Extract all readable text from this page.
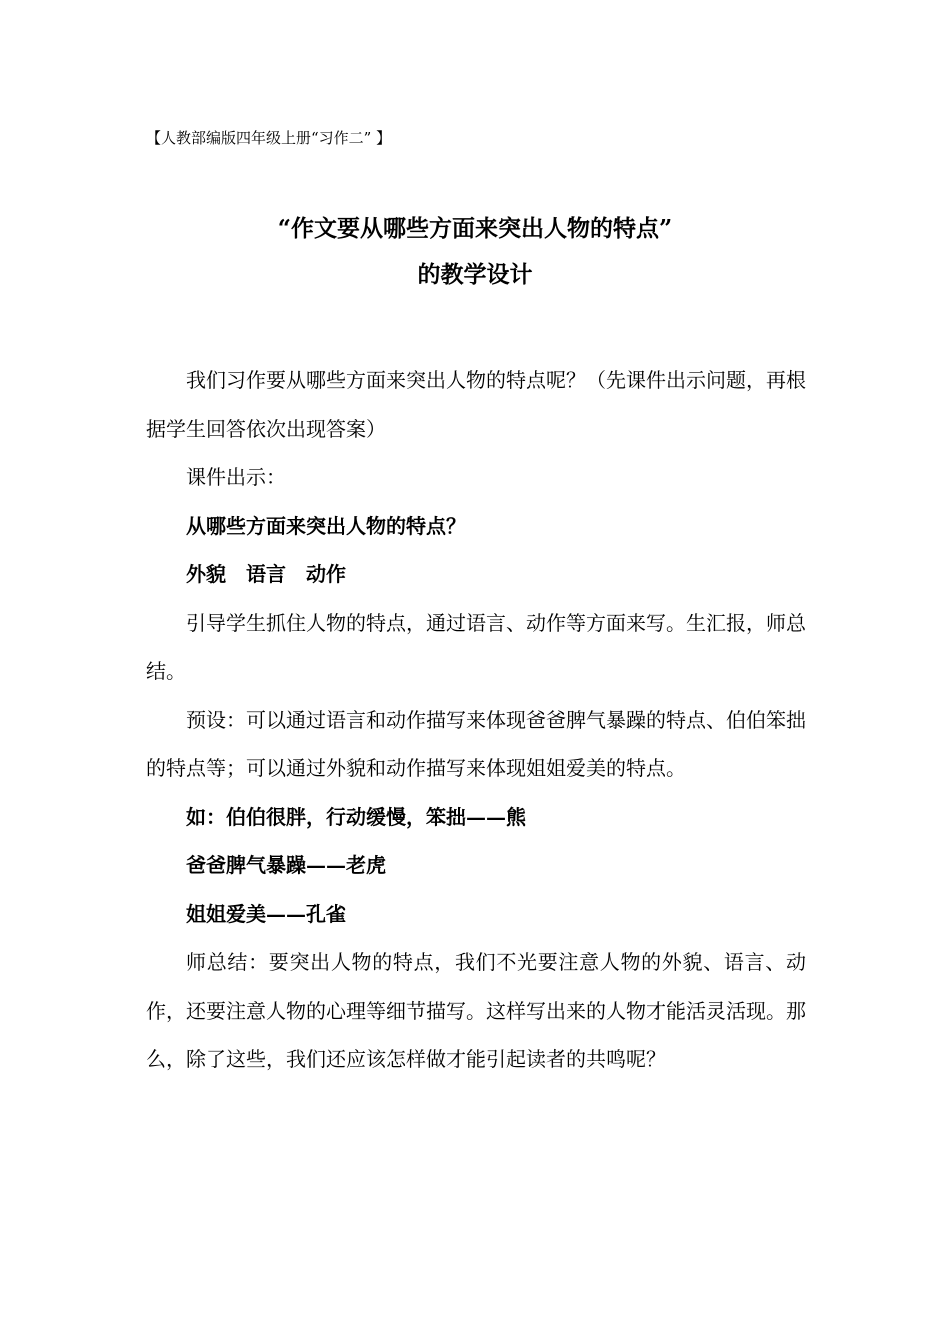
【人教部编版四年级上册“习作二” 】
“作文要从哪些方面来突出人物的特点”
的教学设计

我们习作要从哪些方面来突出人物的特点呢？（先课件出示问题，再根据学生回答依次出现答案）

课件出示：

从哪些方面来突出人物的特点？

外貌　语言　动作

引导学生抓住人物的特点，通过语言、动作等方面来写。生汇报，师总结。

预设：可以通过语言和动作描写来体现爸爸脾气暴躁的特点、伯伯笨拙的特点等；可以通过外貌和动作描写来体现姐姐爱美的特点。

如：伯伯很胖，行动缓慢，笨拙——熊

爸爸脾气暴躁——老虎

姐姐爱美——孔雀

师总结：要突出人物的特点，我们不光要注意人物的外貌、语言、动作，还要注意人物的心理等细节描写。这样写出来的人物才能活灵活现。那么，除了这些，我们还应该怎样做才能引起读者的共鸣呢？
